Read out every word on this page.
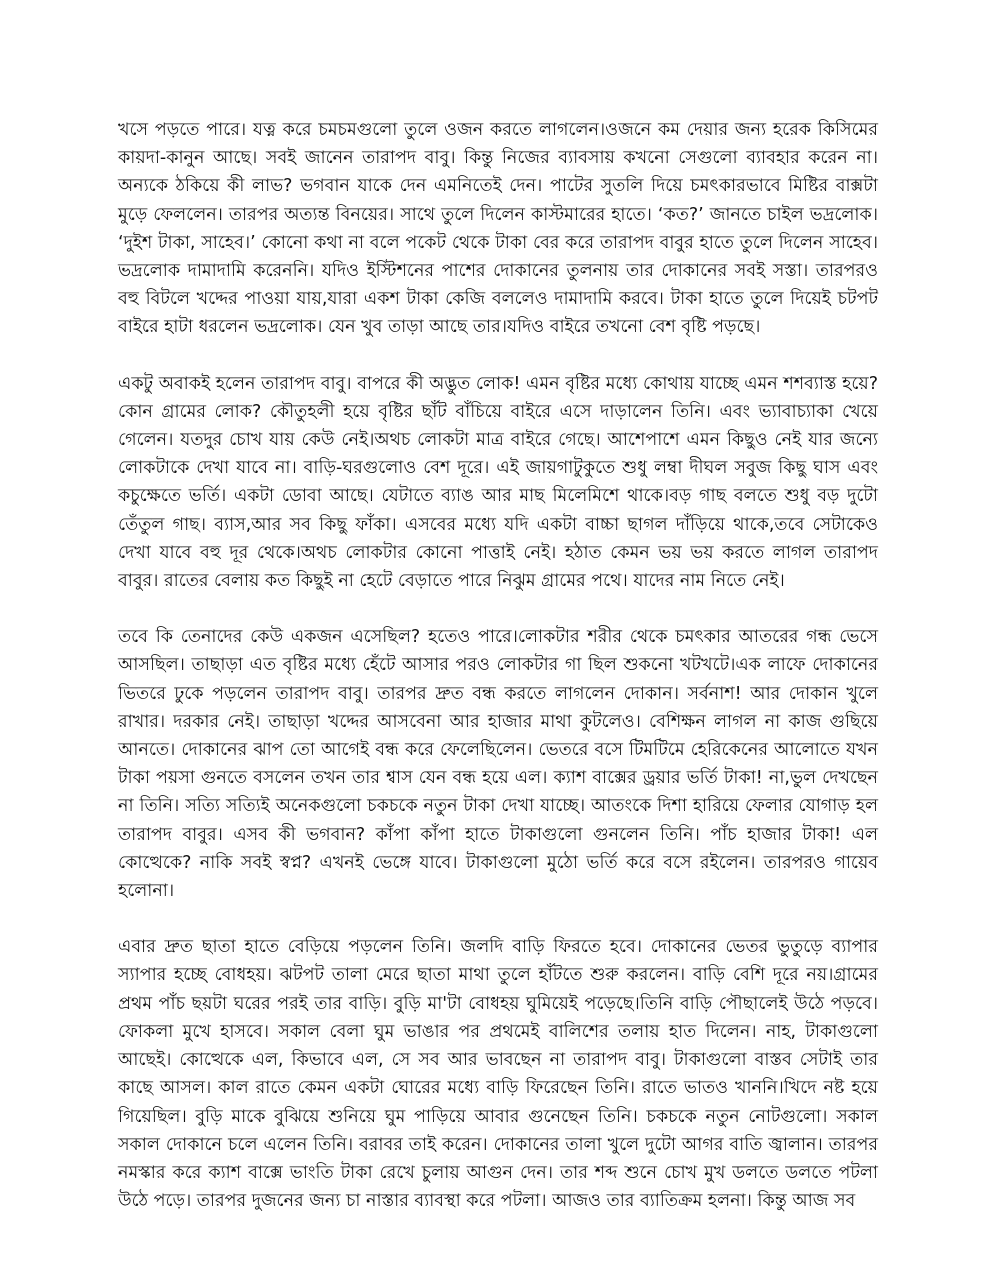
খসে পড়তে পারে। যত্ন করে চমচমগুলো তুলে ওজন করতে লাগলেন।ওজনে কম দেয়ার জন্য হরেক কিসিমের কায়দা-কানুন আছে। সবই জানেন তারাপদ বাবু। কিন্তু নিজের ব্যাবসায় কখনো সেগুলো ব্যাবহার করেন না।অন্যকে ঠকিয়ে কী লাভ? ভগবান যাকে দেন এমনিতেই দেন। পাটের সুতলি দিয়ে চমৎকারভাবে মিষ্টির বাক্সটা মুড়ে ফেললেন। তারপর অত্যন্ত বিনয়ের। সাথে তুলে দিলেন কাস্টমারের হাতে। ‘কত?’ জানতে চাইল ভদ্রলোক। ‘দুইশ টাকা, সাহেব।’ কোনো কথা না বলে পকেট থেকে টাকা বের করে তারাপদ বাবুর হাতে তুলে দিলেন সাহেব। ভদ্রলোক দামাদামি করেননি। যদিও ইস্টিশনের পাশের দোকানের তুলনায় তার দোকানের সবই সস্তা। তারপরও বহু বিটলে খদ্দের পাওয়া যায়,যারা একশ টাকা কেজি বললেও দামাদামি করবে। টাকা হাতে তুলে দিয়েই চটপট বাইরে হাটা ধরলেন ভদ্রলোক। যেন খুব তাড়া আছে তার।যদিও বাইরে তখনো বেশ বৃষ্টি পড়ছে।

একটু অবাকই হলেন তারাপদ বাবু। বাপরে কী অদ্ভুত লোক! এমন বৃষ্টির মধ্যে কোথায় যাচ্ছে এমন শশব্যাস্ত হয়ে?কোন গ্রামের লোক? কৌতুহলী হয়ে বৃষ্টির ছাঁট বাঁচিয়ে বাইরে এসে দাড়ালেন তিনি। এবং ভ্যাবাচ্যাকা খেয়ে গেলেন। যতদুর চোখ যায় কেউ নেই।অথচ লোকটা মাত্র বাইরে গেছে। আশেপাশে এমন কিছুও নেই যার জন্যে লোকটাকে দেখা যাবে না। বাড়ি-ঘরগুলোও বেশ দূরে। এই জায়গাটুকুতে শুধু লম্বা দীঘল সবুজ কিছু ঘাস এবং কচুক্ষেতে ভর্তি। একটা ডোবা আছে। যেটাতে ব্যাঙ আর মাছ মিলেমিশে থাকে।বড় গাছ বলতে শুধু বড় দুটো তেঁতুল গাছ। ব্যাস,আর সব কিছু ফাঁকা। এসবের মধ্যে যদি একটা বাচ্চা ছাগল দাঁড়িয়ে থাকে,তবে সেটাকেও দেখা যাবে বহু দূর থেকে।অথচ লোকটার কোনো পাত্তাই নেই। হঠাত কেমন ভয় ভয় করতে লাগল তারাপদ বাবুর। রাতের বেলায় কত কিছুই না হেটে বেড়াতে পারে নিঝুম গ্রামের পথে। যাদের নাম নিতে নেই।

তবে কি তেনাদের কেউ একজন এসেছিল? হতেও পারে।লোকটার শরীর থেকে চমৎকার আতরের গন্ধ ভেসে আসছিল। তাছাড়া এত বৃষ্টির মধ্যে হেঁটে আসার পরও লোকটার গা ছিল শুকনো খটখটে।এক লাফে দোকানের ভিতরে ঢুকে পড়লেন তারাপদ বাবু। তারপর দ্রুত বন্ধ করতে লাগলেন দোকান। সর্বনাশ! আর দোকান খুলে রাখার। দরকার নেই। তাছাড়া খদ্দের আসবেনা আর হাজার মাথা কুটলেও। বেশিক্ষন লাগল না কাজ গুছিয়ে আনতে। দোকানের ঝাপ তো আগেই বন্ধ করে ফেলেছিলেন। ভেতরে বসে টিমটিমে হেরিকেনের আলোতে যখন টাকা পয়সা গুনতে বসলেন তখন তার শ্বাস যেন বন্ধ হয়ে এল। ক্যাশ বাক্সের ড্রয়ার ভর্তি টাকা! না,ভুল দেখছেন না তিনি। সত্যি সত্যিই অনেকগুলো চকচকে নতুন টাকা দেখা যাচ্ছে। আতংকে দিশা হারিয়ে ফেলার যোগাড় হল তারাপদ বাবুর। এসব কী ভগবান? কাঁপা কাঁপা হাতে টাকাগুলো গুনলেন তিনি। পাঁচ হাজার টাকা! এল কোত্থেকে? নাকি সবই স্বপ্ন? এখনই ভেঙ্গে যাবে। টাকাগুলো মুঠো ভর্তি করে বসে রইলেন। তারপরও গায়েব হলোনা।

এবার দ্রুত ছাতা হাতে বেড়িয়ে পড়লেন তিনি। জলদি বাড়ি ফিরতে হবে। দোকানের ভেতর ভুতুড়ে ব্যাপার স্যাপার হচ্ছে বোধহয়। ঝটপট তালা মেরে ছাতা মাথা তুলে হাঁটতে শুরু করলেন। বাড়ি বেশি দূরে নয়।গ্রামের প্রথম পাঁচ ছয়টা ঘরের পরই তার বাড়ি। বুড়ি মা'টা বোধহয় ঘুমিয়েই পড়েছে।তিনি বাড়ি পৌছালেই উঠে পড়বে। ফোকলা মুখে হাসবে। সকাল বেলা ঘুম ভাঙার পর প্রথমেই বালিশের তলায় হাত দিলেন। নাহ, টাকাগুলো আছেই। কোত্থেকে এল, কিভাবে এল, সে সব আর ভাবছেন না তারাপদ বাবু। টাকাগুলো বাস্তব সেটাই তার কাছে আসল। কাল রাতে কেমন একটা ঘোরের মধ্যে বাড়ি ফিরেছেন তিনি। রাতে ভাতও খাননি।খিদে নষ্ট হয়ে গিয়েছিল। বুড়ি মাকে বুঝিয়ে শুনিয়ে ঘুম পাড়িয়ে আবার গুনেছেন তিনি। চকচকে নতুন নোটগুলো। সকাল সকাল দোকানে চলে এলেন তিনি। বরাবর তাই করেন। দোকানের তালা খুলে দুটো আগর বাতি জ্বালান। তারপর নমস্কার করে ক্যাশ বাক্সে ভাংতি টাকা রেখে চুলায় আগুন দেন। তার শব্দ শুনে চোখ মুখ ডলতে ডলতে পটলা উঠে পড়ে। তারপর দুজনের জন্য চা নাস্তার ব্যাবস্থা করে পটলা। আজও তার ব্যাতিক্রম হলনা। কিন্তু আজ সব
